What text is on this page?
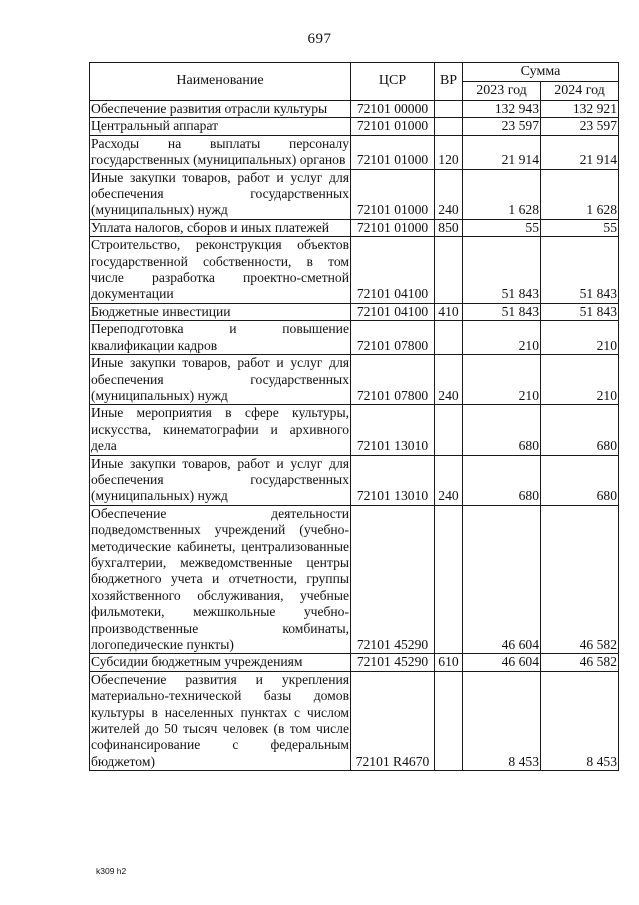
697
Наименование	ЦСР	ВР	Сумма	
			2023 год	2024 год
Обеспечение развития отрасли культуры	72101 00000		132 943	132 921
Центральный аппарат	72101 01000		23 597	23 597
Расходы на выплаты персоналу государственных (муниципальных) органов	72101 01000	120	21 914	21 914
Иные закупки товаров, работ и услуг для обеспечения государственных (муниципальных) нужд	72101 01000	240	1 628	1 628
Уплата налогов, сборов и иных платежей	72101 01000	850	55	55
Строительство, реконструкция объектов государственной собственности, в том числе разработка проектно-сметной документации	72101 04100		51 843	51 843
Бюджетные инвестиции	72101 04100	410	51 843	51 843
Переподготовка и повышение квалификации кадров	72101 07800		210	210
Иные закупки товаров, работ и услуг для обеспечения государственных (муниципальных) нужд	72101 07800	240	210	210
Иные мероприятия в сфере культуры, искусства, кинематографии и архивного дела	72101 13010		680	680
Иные закупки товаров, работ и услуг для обеспечения государственных (муниципальных) нужд	72101 13010	240	680	680
Обеспечение деятельности подведомственных учреждений (учебно-методические кабинеты, централизованные бухгалтерии, межведомственные центры бюджетного учета и отчетности, группы хозяйственного обслуживания, учебные фильмотеки, межшкольные учебно-производственные комбинаты, логопедические пункты)	72101 45290		46 604	46 582
Субсидии бюджетным учреждениям	72101 45290	610	46 604	46 582
Обеспечение развития и укрепления материально-технической базы домов культуры в населенных пунктах с числом жителей до 50 тысяч человек (в том числе софинансирование с федеральным бюджетом)	72101 R4670		8 453	8 453
k309 h2
